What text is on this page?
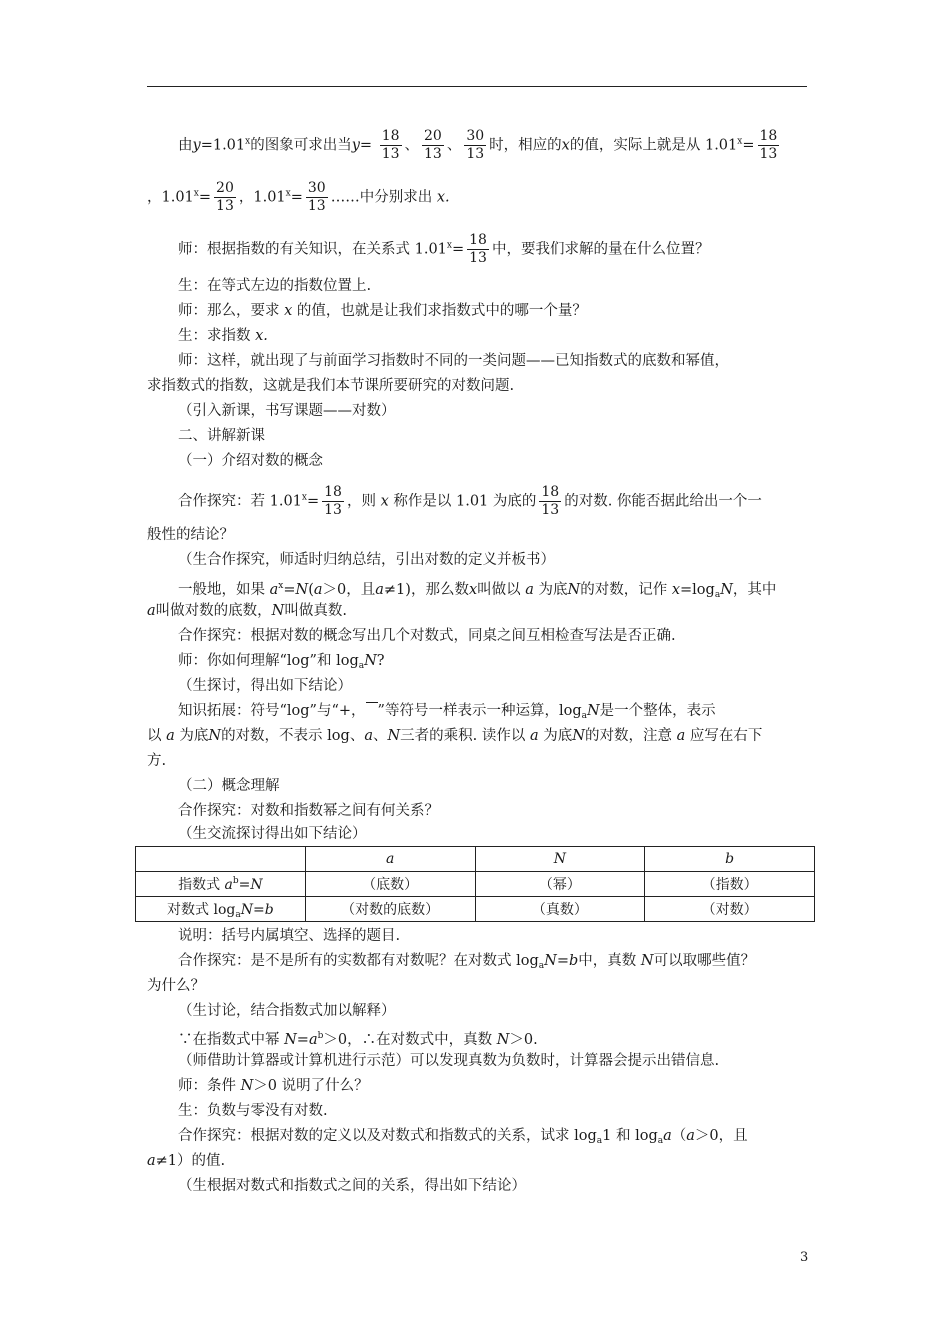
由$y=1.01^x$的图象可求出当$y= \frac{18}{13}$ 、 $\frac{20}{13}$ 、 $\frac{30}{13}$ 时，相应的x的值，实际上就是从 $1.01^x= \frac{18}{13}$
，$1.01^x= \frac{20}{13}$ ，$1.01^x= \frac{30}{13}$ ……中分别求出 x.
师：根据指数的有关知识，在关系式 $1.01^x= \frac{18}{13}$ 中，要我们求解的量在什么位置？
生：在等式左边的指数位置上.
师：那么，要求 x 的值，也就是让我们求指数式中的哪一个量？
生：求指数 x.
师：这样，就出现了与前面学习指数时不同的一类问题——已知指数式的底数和幂值，
求指数式的指数，这就是我们本节课所要研究的对数问题.
（引入新课，书写课题——对数）
二、讲解新课
（一）介绍对数的概念
合作探究：若 $1.01^x= \frac{18}{13}$ ，则 x 称作是以 1.01 为底的 $\frac{18}{13}$ 的对数. 你能否据此给出一个一
般性的结论？
（生合作探究，师适时归纳总结，引出对数的定义并板书）
一般地，如果 $a^x=N(a>0$，且a≠1)，那么数x叫做以 a 为底N的对数，记作 $x=\log_aN$，其中
a叫做对数的底数，N叫做真数.
合作探究：根据对数的概念写出几个对数式，同桌之间互相检查写法是否正确.
师：你如何理解“log”和 $\log_aN$?
（生探讨，得出如下结论）
知识拓展：符号“log”与“+， ”等符号一样表示一种运算，$\log_aN$是一个整体，表示
以 a 为底N的对数，不表示 log、a、N三者的乘积. 读作以 a 为底N的对数，注意 a 应写在右下
方.
（二）概念理解
合作探究：对数和指数幂之间有何关系？
（生交流探讨得出如下结论）
	a	N	b
指数式 $a^b=N$	（底数）	（幂）	（指数）
对数式 $\log_aN=b$	（对数的底数）	（真数）	（对数）
说明：括号内属填空、选择的题目.
合作探究：是不是所有的实数都有对数呢？在对数式 $\log_aN=b$中，真数 N可以取哪些值？
为什么？
（生讨论，结合指数式加以解释）
∵在指数式中幂 $N=a^b>0$，∴在对数式中，真数 N＞0.
（师借助计算器或计算机进行示范）可以发现真数为负数时，计算器会提示出错信息.
师：条件 N＞0 说明了什么？
生：负数与零没有对数.
合作探究：根据对数的定义以及对数式和指数式的关系，试求 $\log_a1$ 和 $\log_aa(a>0$，且
a≠1）的值.
（生根据对数式和指数式之间的关系，得出如下结论）
3
